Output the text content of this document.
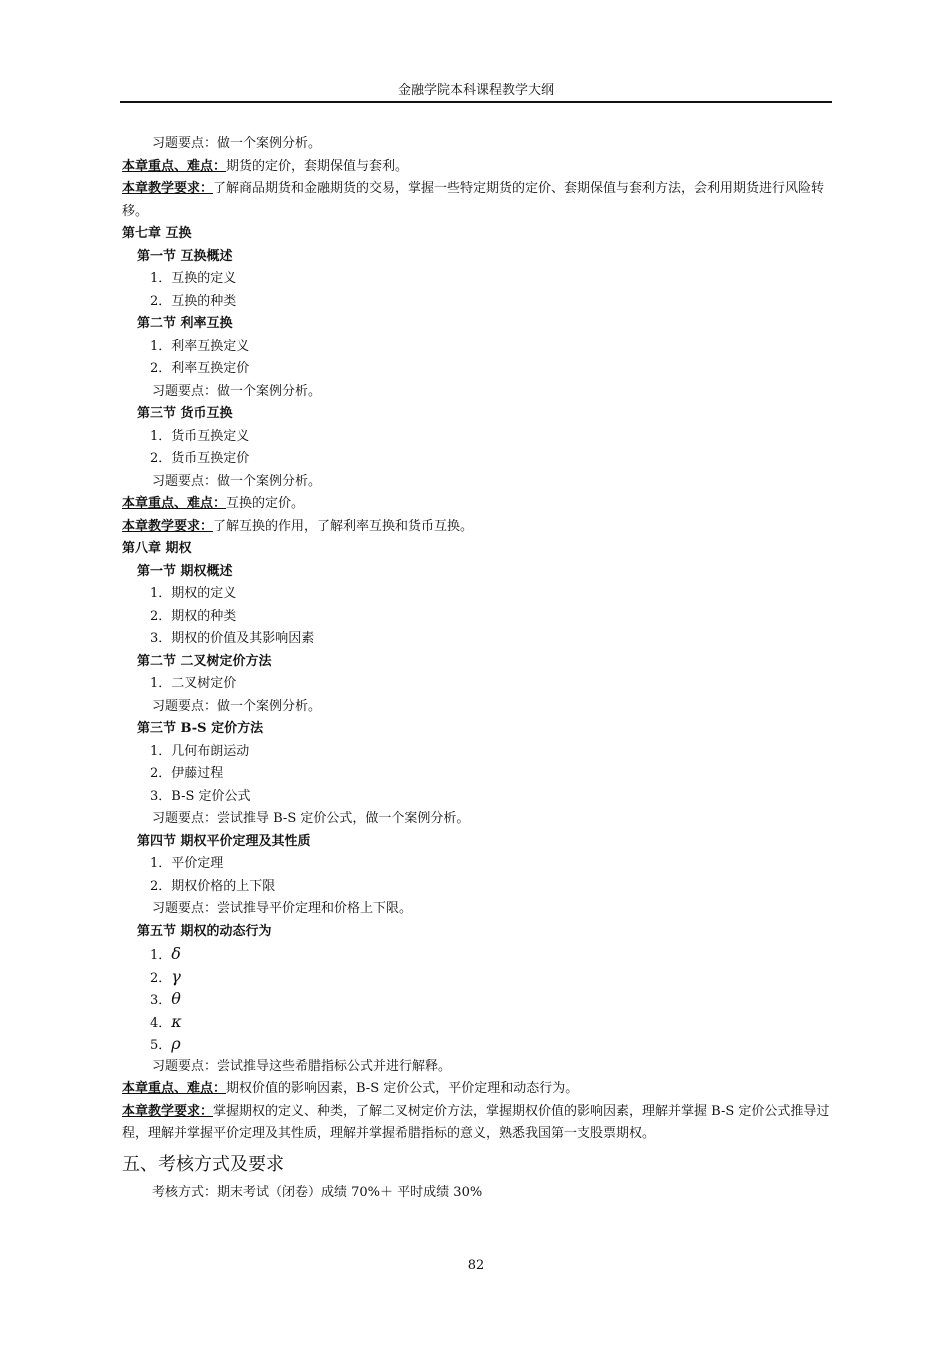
金融学院本科课程教学大纲
习题要点：做一个案例分析。
本章重点、难点：期货的定价，套期保值与套利。
本章教学要求：了解商品期货和金融期货的交易，掌握一些特定期货的定价、套期保值与套利方法，会利用期货进行风险转移。
第七章 互换
第一节 互换概述
1．互换的定义
2．互换的种类
第二节 利率互换
1．利率互换定义
2．利率互换定价
习题要点：做一个案例分析。
第三节 货币互换
1．货币互换定义
2．货币互换定价
习题要点：做一个案例分析。
本章重点、难点：互换的定价。
本章教学要求：了解互换的作用，了解利率互换和货币互换。
第八章 期权
第一节 期权概述
1．期权的定义
2．期权的种类
3．期权的价值及其影响因素
第二节 二叉树定价方法
1．二叉树定价
习题要点：做一个案例分析。
第三节 B-S 定价方法
1．几何布朗运动
2．伊藤过程
3．B-S 定价公式
习题要点：尝试推导 B-S 定价公式，做一个案例分析。
第四节 期权平价定理及其性质
1．平价定理
2．期权价格的上下限
习题要点：尝试推导平价定理和价格上下限。
第五节 期权的动态行为
1．δ
2．γ
3．θ
4．κ
5．ρ
习题要点：尝试推导这些希腊指标公式并进行解释。
本章重点、难点：期权价值的影响因素，B-S 定价公式，平价定理和动态行为。
本章教学要求：掌握期权的定义、种类，了解二叉树定价方法，掌握期权价值的影响因素，理解并掌握 B-S 定价公式推导过程，理解并掌握平价定理及其性质，理解并掌握希腊指标的意义，熟悉我国第一支股票期权。
五、考核方式及要求
考核方式：期末考试（闭卷）成绩 70%＋ 平时成绩 30%
82
